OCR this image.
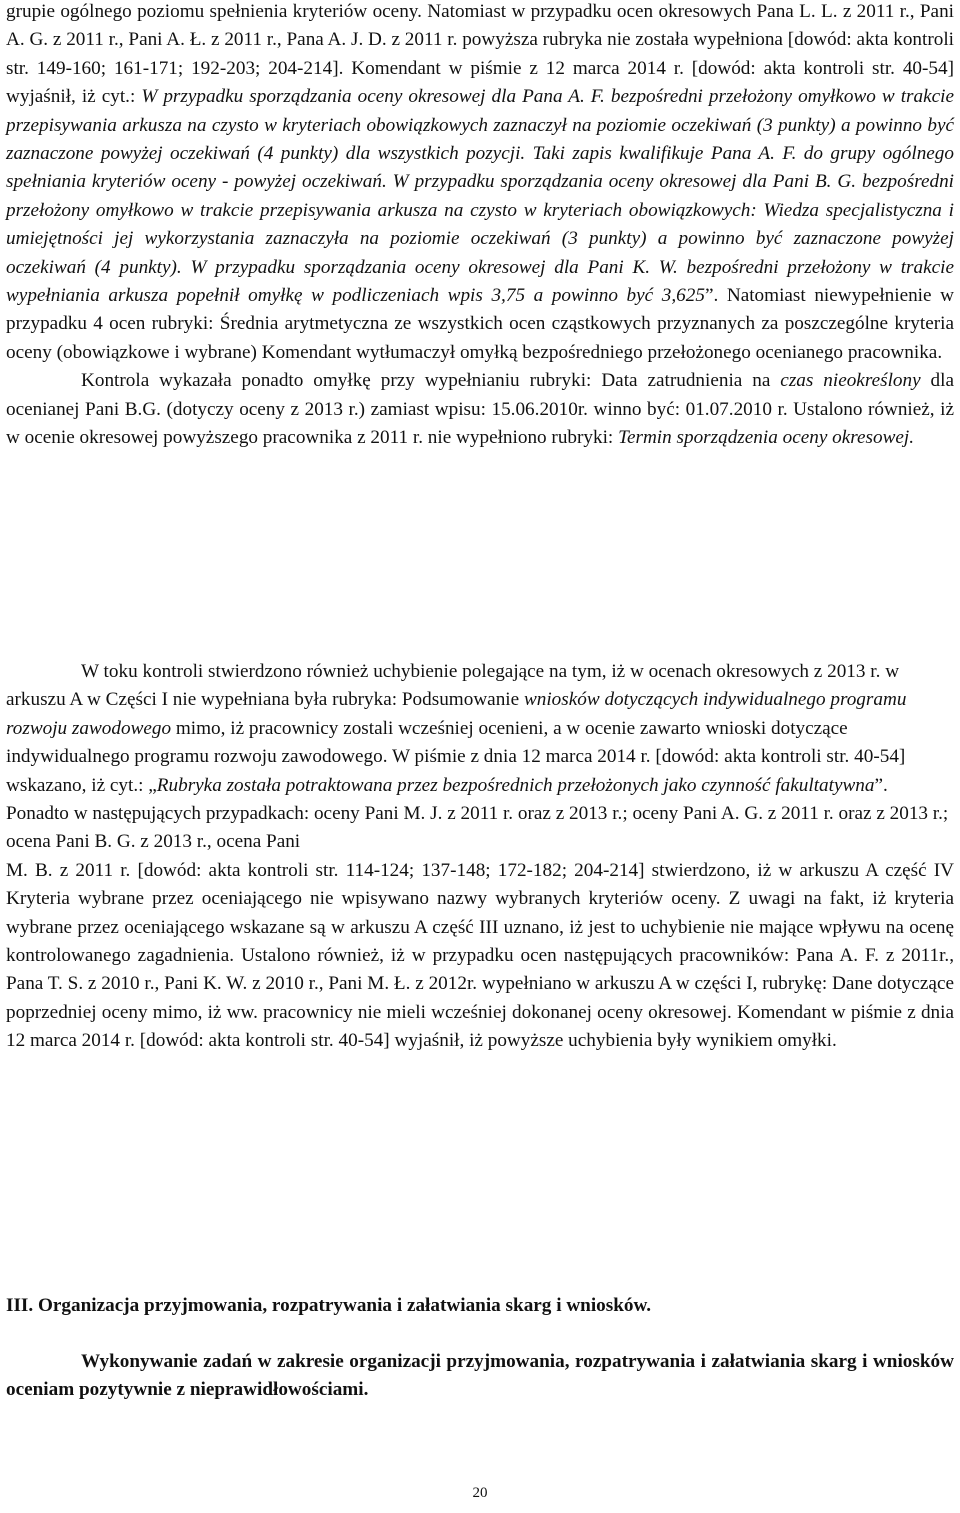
grupie ogólnego poziomu spełnienia kryteriów oceny. Natomiast w przypadku ocen okresowych Pana L. L. z 2011 r., Pani A. G. z 2011 r., Pani A. Ł. z 2011 r., Pana A. J. D. z 2011 r. powyższa rubryka nie została wypełniona [dowód: akta kontroli str. 149-160; 161-171; 192-203; 204-214]. Komendant w piśmie z 12 marca 2014 r. [dowód: akta kontroli str. 40-54] wyjaśnił, iż cyt.: W przypadku sporządzania oceny okresowej dla Pana A. F. bezpośredni przełożony omyłkowo w trakcie przepisywania arkusza na czysto w kryteriach obowiązkowych zaznaczył na poziomie oczekiwań (3 punkty) a powinno być zaznaczone powyżej oczekiwań (4 punkty) dla wszystkich pozycji. Taki zapis kwalifikuje Pana A. F. do grupy ogólnego spełniania kryteriów oceny - powyżej oczekiwań. W przypadku sporządzania oceny okresowej dla Pani B. G. bezpośredni przełożony omyłkowo w trakcie przepisywania arkusza na czysto w kryteriach obowiązkowych: Wiedza specjalistyczna i umiejętności jej wykorzystania zaznaczyła na poziomie oczekiwań (3 punkty) a powinno być zaznaczone powyżej oczekiwań (4 punkty). W przypadku sporządzania oceny okresowej dla Pani K. W. bezpośredni przełożony w trakcie wypełniania arkusza popełnił omyłkę w podliczeniach wpis 3,75 a powinno być 3,625”. Natomiast niewypełnienie w przypadku 4 ocen rubryki: Średnia arytmetyczna ze wszystkich ocen cząstkowych przyznanych za poszczególne kryteria oceny (obowiązkowe i wybrane) Komendant wytłumaczył omyłką bezpośredniego przełożonego ocenianego pracownika.

Kontrola wykazała ponadto omyłkę przy wypełnianiu rubryki: Data zatrudnienia na czas nieokreślony dla ocenianej Pani B.G. (dotyczy oceny z 2013 r.) zamiast wpisu: 15.06.2010r. winno być: 01.07.2010 r. Ustalono również, iż w ocenie okresowej powyższego pracownika z 2011 r. nie wypełniono rubryki: Termin sporządzenia oceny okresowej.

W toku kontroli stwierdzono również uchybienie polegające na tym, iż w ocenach okresowych z 2013 r. w arkuszu A w Części I nie wypełniana była rubryka: Podsumowanie wniosków dotyczących indywidualnego programu rozwoju zawodowego mimo, iż pracownicy zostali wcześniej ocenieni, a w ocenie zawarto wnioski dotyczące indywidualnego programu rozwoju zawodowego. W piśmie z dnia 12 marca 2014 r. [dowód: akta kontroli str. 40-54] wskazano, iż cyt.: „Rubryka została potraktowana przez bezpośrednich przełożonych jako czynność fakultatywna”. Ponadto w następujących przypadkach: oceny Pani M. J. z 2011 r. oraz z 2013 r.; oceny Pani A. G. z 2011 r. oraz z 2013 r.; ocena Pani B. G. z 2013 r., ocena Pani

M. B. z 2011 r. [dowód: akta kontroli str. 114-124; 137-148; 172-182; 204-214] stwierdzono, iż w arkuszu A część IV Kryteria wybrane przez oceniającego nie wpisywano nazwy wybranych kryteriów oceny. Z uwagi na fakt, iż kryteria wybrane przez oceniającego wskazane są w arkuszu A część III uznano, iż jest to uchybienie nie mające wpływu na ocenę kontrolowanego zagadnienia. Ustalono również, iż w przypadku ocen następujących pracowników: Pana A. F. z 2011r., Pana T. S. z 2010 r., Pani K. W. z 2010 r., Pani M. Ł. z 2012r. wypełniano w arkuszu A w części I, rubrykę: Dane dotyczące poprzedniej oceny mimo, iż ww. pracownicy nie mieli wcześniej dokonanej oceny okresowej. Komendant w piśmie z dnia 12 marca 2014 r. [dowód: akta kontroli str. 40-54] wyjaśnił, iż powyższe uchybienia były wynikiem omyłki.

III. Organizacja przyjmowania, rozpatrywania i załatwiania skarg i wniosków.

Wykonywanie zadań w zakresie organizacji przyjmowania, rozpatrywania i załatwiania skarg i wniosków oceniam pozytywnie z nieprawidłowościami.

20
